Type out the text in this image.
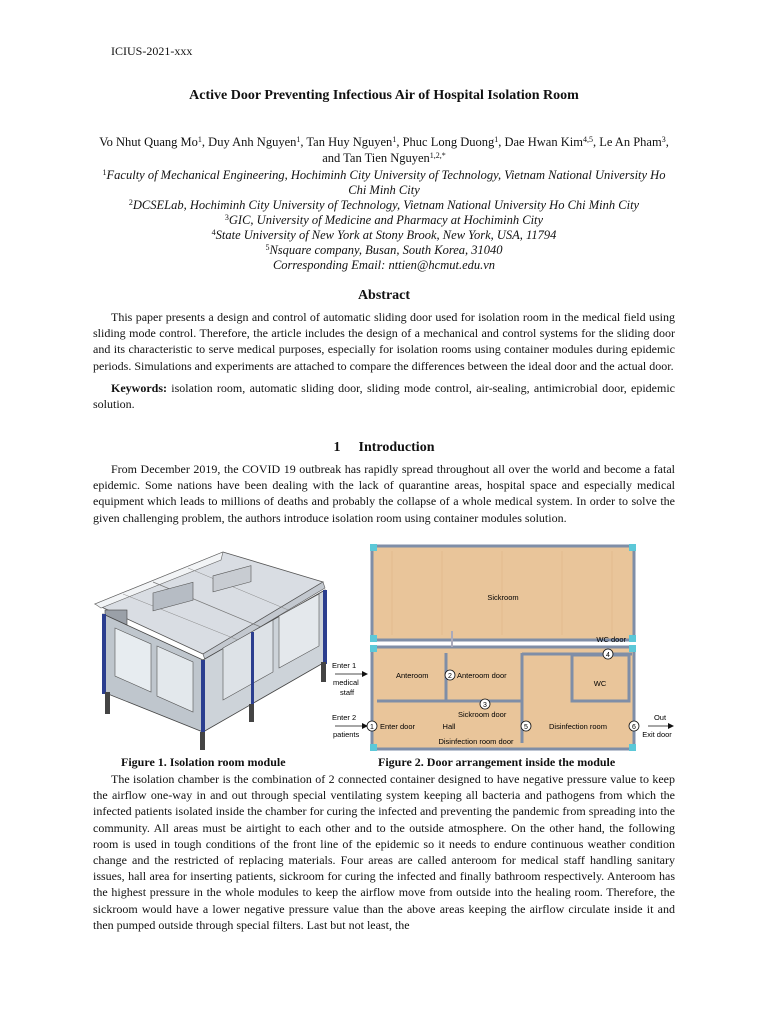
ICIUS-2021-xxx
Active Door Preventing Infectious Air of Hospital Isolation Room
Vo Nhut Quang Mo$^1$, Duy Anh Nguyen$^1$, Tan Huy Nguyen$^1$, Phuc Long Duong$^1$, Dae Hwan Kim$^{4,5}$, Le An Pham$^3$, and Tan Tien Nguyen$^{1,2,*}$
$^1$Faculty of Mechanical Engineering, Hochiminh City University of Technology, Vietnam National University Ho Chi Minh City
$^2$DCSELab, Hochiminh City University of Technology, Vietnam National University Ho Chi Minh City
$^3$GIC, University of Medicine and Pharmacy at Hochiminh City
$^4$State University of New York at Stony Brook, New York, USA, 11794
$^5$Nsquare company, Busan, South Korea, 31040
Corresponding Email: nttien@hcmut.edu.vn
Abstract

This paper presents a design and control of automatic sliding door used for isolation room in the medical field using sliding mode control. Therefore, the article includes the design of a mechanical and control systems for the sliding door and its characteristic to serve medical purposes, especially for isolation rooms using container modules during epidemic periods. Simulations and experiments are attached to compare the differences between the ideal door and the actual door.

Keywords: isolation room, automatic sliding door, sliding mode control, air-sealing, antimicrobial door, epidemic solution.

1 Introduction

From December 2019, the COVID 19 outbreak has rapidly spread throughout all over the world and become a fatal epidemic. Some nations have been dealing with the lack of quarantine areas, hospital space and especially medical equipment which leads to millions of deaths and probably the collapse of a whole medical system. In order to solve the given challenging problem, the authors introduce isolation room using container modules solution.

Sickroom
WC door
WC
Anteroom	Anteroom door
Sickroom door
Enter door	Hall	Disinfection room
Disinfection room door
Enter 1
medical
staff
Enter 2
patients
Out
Exit door
1
2
3
4
5	6
Figure 1. Isolation room module	Figure 2. Door arrangement inside the module

The isolation chamber is the combination of 2 connected container designed to have negative pressure value to keep the airflow one-way in and out through special ventilating system keeping all bacteria and pathogens from which the infected patients isolated inside the chamber for curing the infected and preventing the pandemic from spreading into the community. All areas must be airtight to each other and to the outside atmosphere. On the other hand, the following room is used in tough conditions of the front line of the epidemic so it needs to endure continuous weather condition change and the restricted of replacing materials. Four areas are called anteroom for medical staff handling sanitary issues, hall area for inserting patients, sickroom for curing the infected and finally bathroom respectively. Anteroom has the highest pressure in the whole modules to keep the airflow move from outside into the healing room. Therefore, the sickroom would have a lower negative pressure value than the above areas keeping the airflow circulate inside it and then pumped outside through special filters. Last but not least, the
